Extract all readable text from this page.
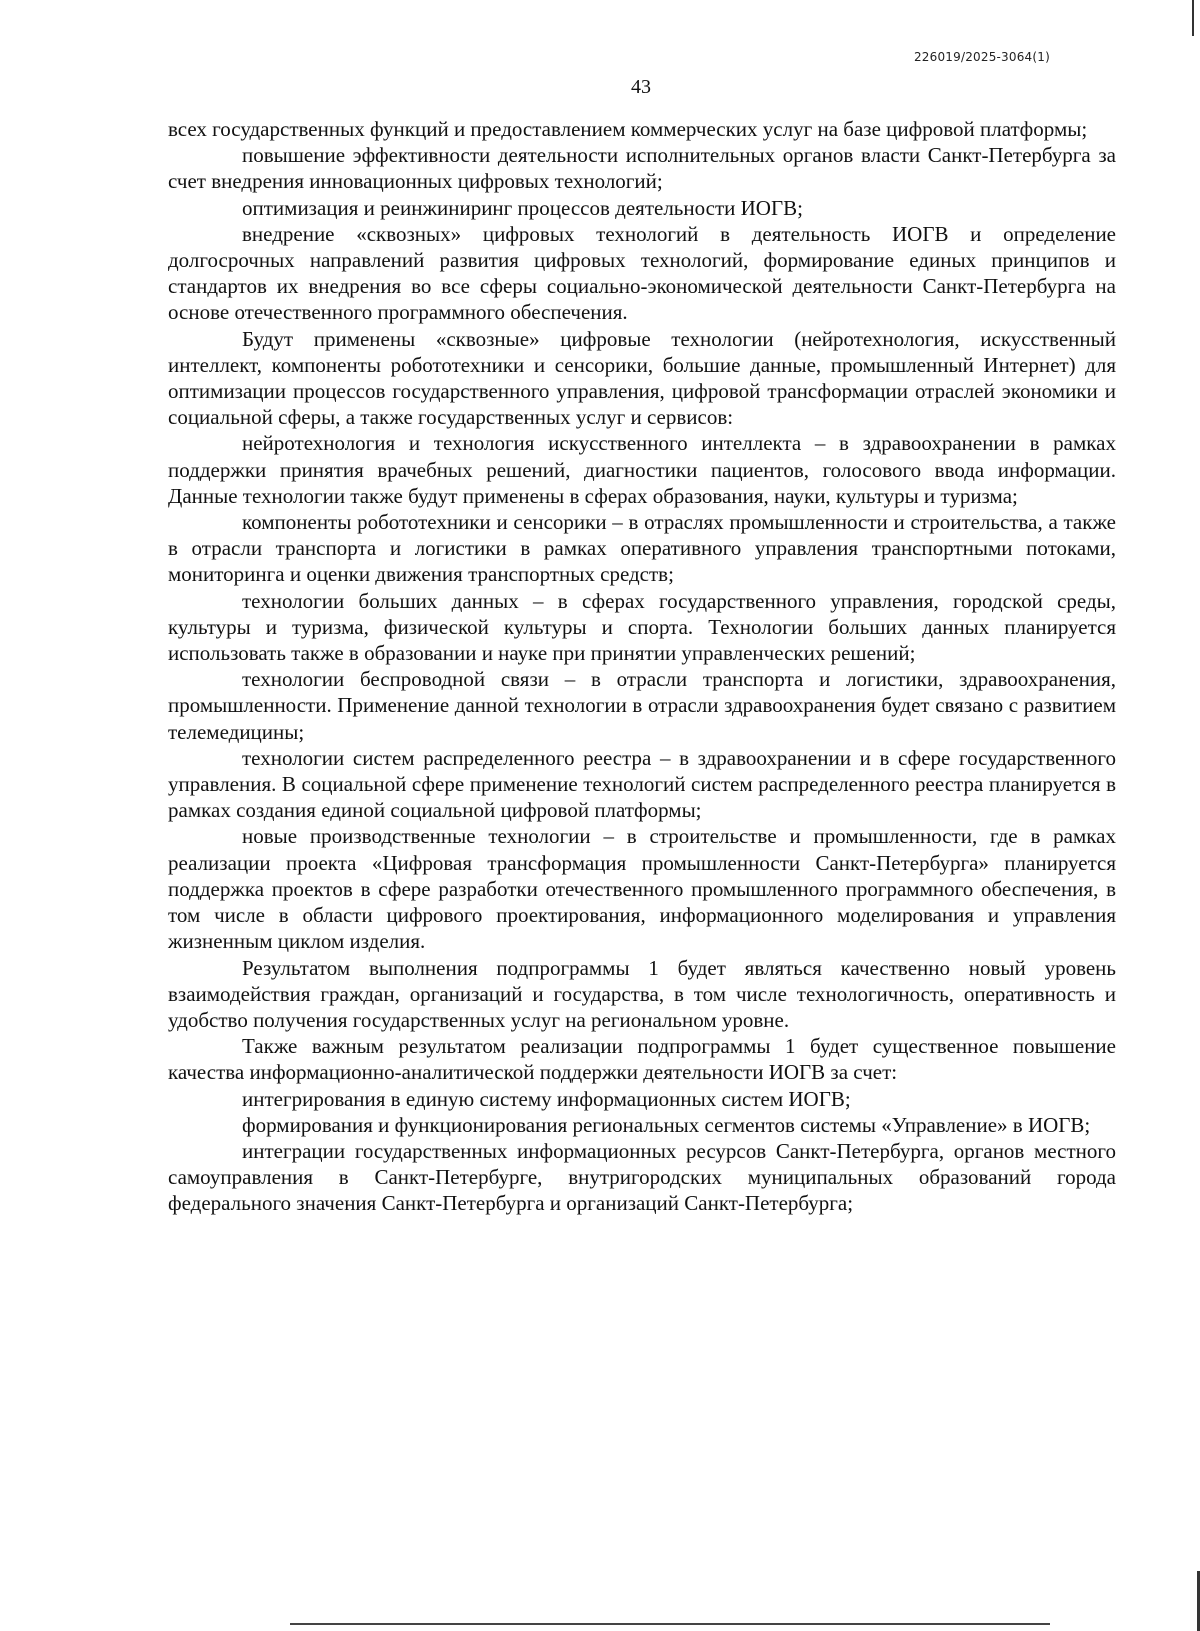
226019/2025-3064(1)
43

всех государственных функций и предоставлением коммерческих услуг на базе цифровой платформы;

повышение эффективности деятельности исполнительных органов власти Санкт-Петербурга за счет внедрения инновационных цифровых технологий;

оптимизация и реинжиниринг процессов деятельности ИОГВ;

внедрение «сквозных» цифровых технологий в деятельность ИОГВ и определение долгосрочных направлений развития цифровых технологий, формирование единых принципов и стандартов их внедрения во все сферы социально-экономической деятельности Санкт-Петербурга на основе отечественного программного обеспечения.

Будут применены «сквозные» цифровые технологии (нейротехнология, искусственный интеллект, компоненты робототехники и сенсорики, большие данные, промышленный Интернет) для оптимизации процессов государственного управления, цифровой трансформации отраслей экономики и социальной сферы, а также государственных услуг и сервисов:

нейротехнология и технология искусственного интеллекта – в здравоохранении в рамках поддержки принятия врачебных решений, диагностики пациентов, голосового ввода информации. Данные технологии также будут применены в сферах образования, науки, культуры и туризма;

компоненты робототехники и сенсорики – в отраслях промышленности и строительства, а также в отрасли транспорта и логистики в рамках оперативного управления транспортными потоками, мониторинга и оценки движения транспортных средств;

технологии больших данных – в сферах государственного управления, городской среды, культуры и туризма, физической культуры и спорта. Технологии больших данных планируется использовать также в образовании и науке при принятии управленческих решений;

технологии беспроводной связи – в отрасли транспорта и логистики, здравоохранения, промышленности. Применение данной технологии в отрасли здравоохранения будет связано с развитием телемедицины;

технологии систем распределенного реестра – в здравоохранении и в сфере государственного управления. В социальной сфере применение технологий систем распределенного реестра планируется в рамках создания единой социальной цифровой платформы;

новые производственные технологии – в строительстве и промышленности, где в рамках реализации проекта «Цифровая трансформация промышленности Санкт-Петербурга» планируется поддержка проектов в сфере разработки отечественного промышленного программного обеспечения, в том числе в области цифрового проектирования, информационного моделирования и управления жизненным циклом изделия.

Результатом выполнения подпрограммы 1 будет являться качественно новый уровень взаимодействия граждан, организаций и государства, в том числе технологичность, оперативность и удобство получения государственных услуг на региональном уровне.

Также важным результатом реализации подпрограммы 1 будет существенное повышение качества информационно-аналитической поддержки деятельности ИОГВ за счет:

интегрирования в единую систему информационных систем ИОГВ;

формирования и функционирования региональных сегментов системы «Управление» в ИОГВ;

интеграции государственных информационных ресурсов Санкт-Петербурга, органов местного самоуправления в Санкт-Петербурге, внутригородских муниципальных образований города федерального значения Санкт-Петербурга и организаций Санкт-Петербурга;
